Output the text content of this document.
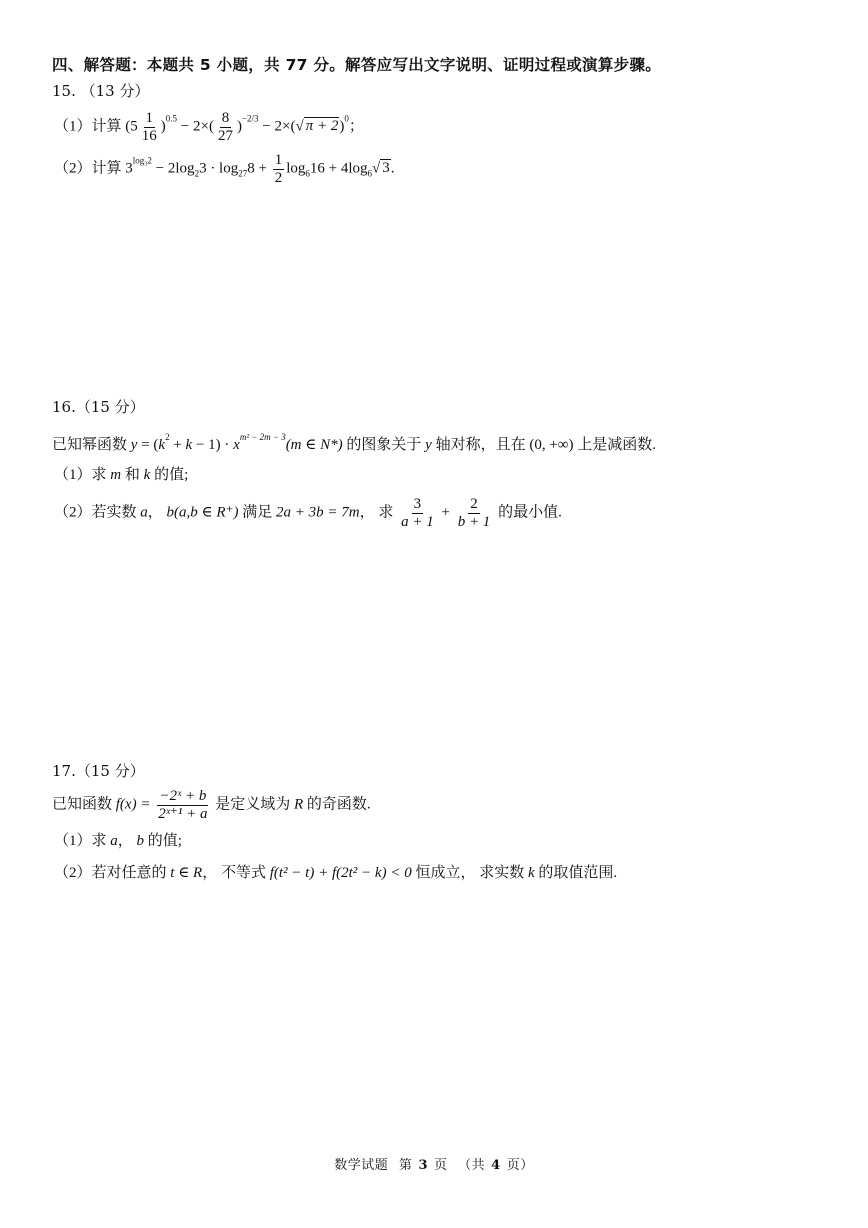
四、解答题：本题共 5 小题，共 77 分。解答应写出文字说明、证明过程或演算步骤。
15. （13 分）
（1）计算 $(5 \frac{1}{16} )^{0.5} - 2\times( \frac{8}{27} )^{-2/3} - 2\times(√$ π + 2)$^0$；
（2）计算 $3^{log_32} - 2\log_23 \cdot \log_{27}8 + \frac{1}{2} \log_616 + 4\log_6√$ 3.
16.（15 分）
已知幂函数 $y = (k^2 + k - 1) \cdot x^{m^2 - 2m - 3}(m$ ∈ N*) 的图象关于 y 轴对称，且在 (0, +∞) 上是减函数.
（1）求 m 和 k 的值;
（2）若实数 a， b(a,b ∈ R⁺) 满足 2a + 3b = 7m， 求 $\frac{3}{a + 1} + \frac{2}{b + 1}$ 的最小值.
17.（15 分）
已知函数 $f(x) = \frac{\text{−2ˣ + b}}{\text{2ˣ⁺¹ + a}}$ 是定义域为 R 的奇函数.
（1）求 a， b 的值;
（2）若对任意的 t ∈ R， 不等式 f(t² − t) + f(2t² − k) < 0 恒成立， 求实数 k 的取值范围.
数学试题 第 3 页 （共 4 页）
